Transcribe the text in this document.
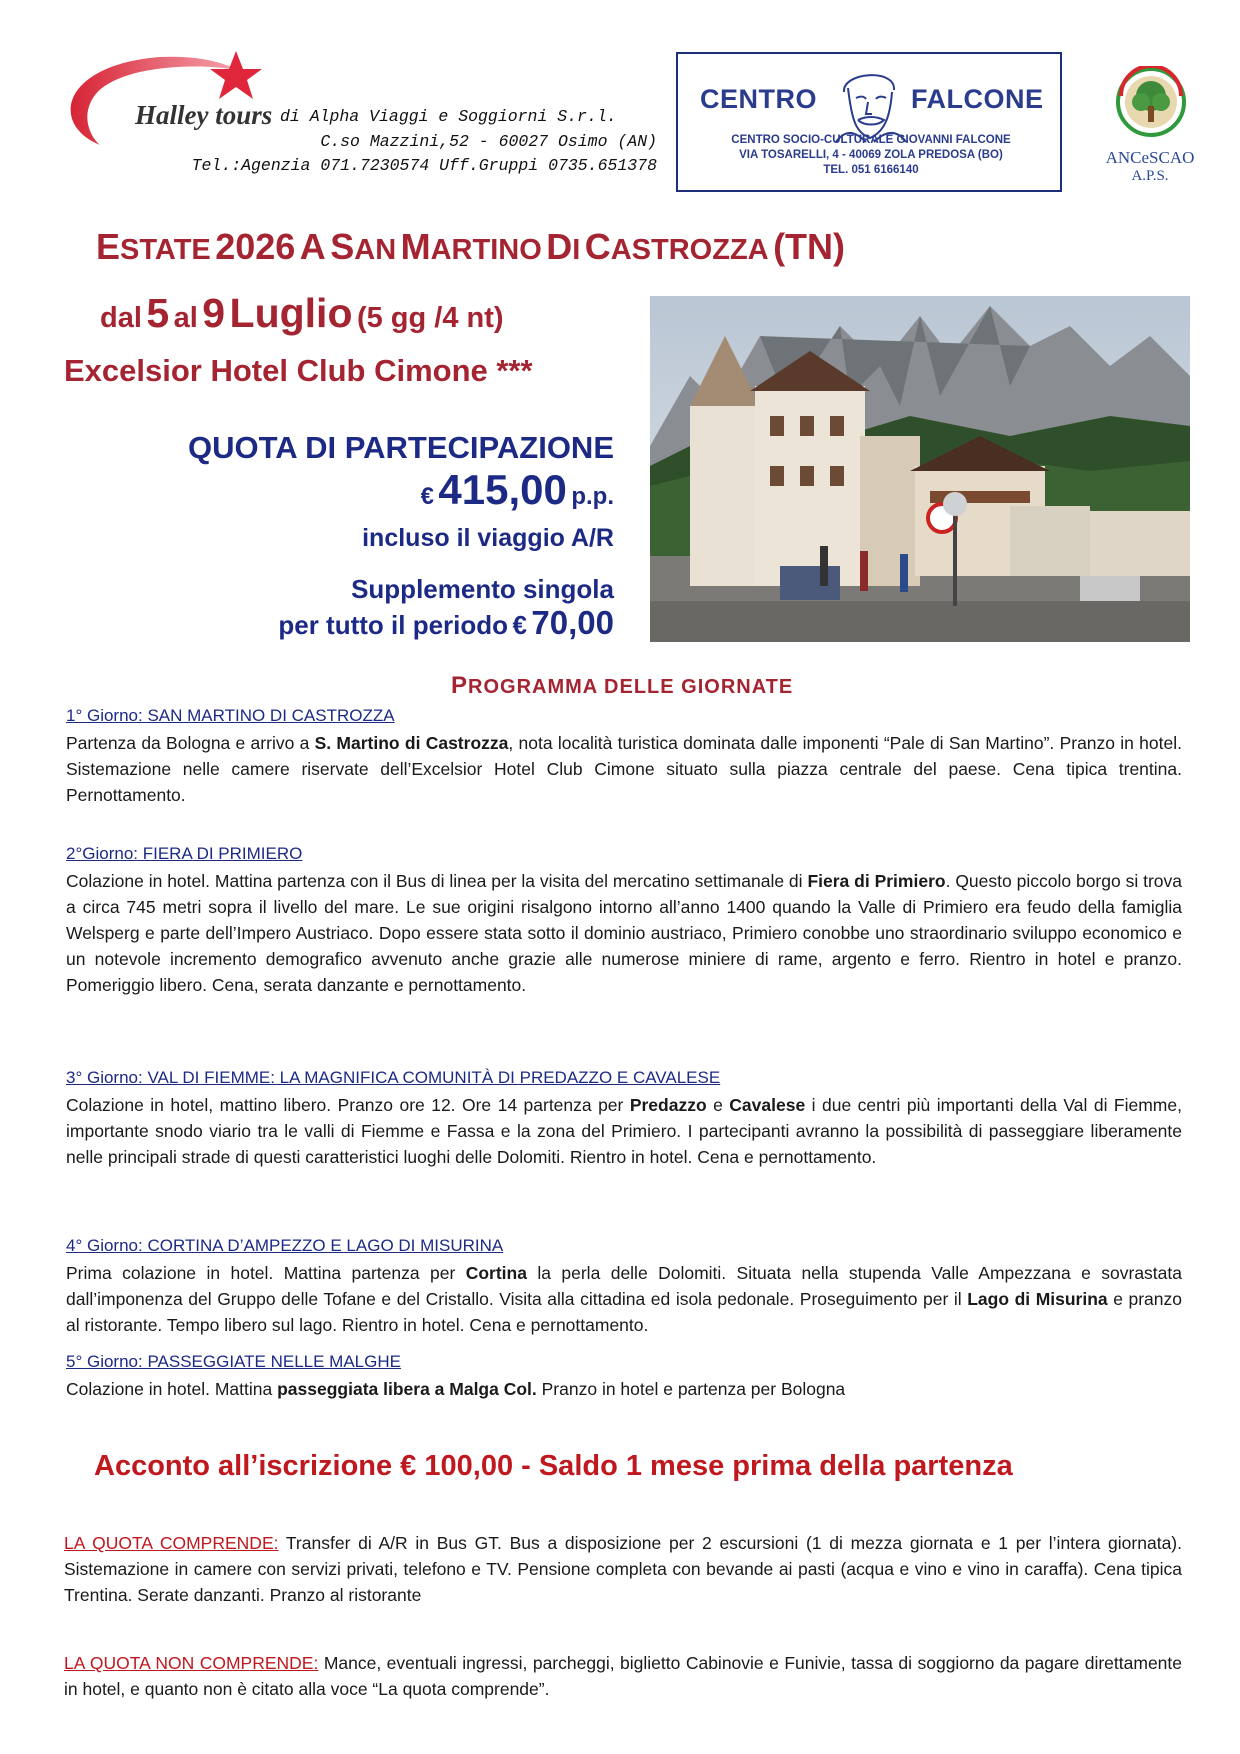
Halley tours di Alpha Viaggi e Soggiorni S.r.l.
C.so Mazzini,52 - 60027 Osimo (AN)
Tel.:Agenzia 071.7230574 Uff.Gruppi 0735.651378
CENTRO	FALCONE
CENTRO SOCIO-CULTURALE GIOVANNI FALCONE
VIA TOSARELLI, 4 - 40069 ZOLA PREDOSA (BO)
TEL. 051 6166140
ANCeSCAO
A.P.S.
ESTATE 2026 A SAN MARTINO DI CASTROZZA (TN)
dal 5 al 9 Luglio (5 gg /4 nt)
Excelsior Hotel Club Cimone ***
QUOTA DI PARTECIPAZIONE
€ 415,00 p.p.
incluso il viaggio A/R
Supplemento singola
per tutto il periodo € 70,00
PROGRAMMA DELLE GIORNATE
1° Giorno: SAN MARTINO DI CASTROZZA
Partenza da Bologna e arrivo a S. Martino di Castrozza, nota località turistica dominata dalle imponenti “Pale di San Martino”. Pranzo in hotel. Sistemazione nelle camere riservate dell’Excelsior Hotel Club Cimone situato sulla piazza centrale del paese. Cena tipica trentina. Pernottamento.
2°Giorno: FIERA DI PRIMIERO
Colazione in hotel. Mattina partenza con il Bus di linea per la visita del mercatino settimanale di Fiera di Primiero. Questo piccolo borgo si trova a circa 745 metri sopra il livello del mare. Le sue origini risalgono intorno all’anno 1400 quando la Valle di Primiero era feudo della famiglia Welsperg e parte dell’Impero Austriaco. Dopo essere stata sotto il dominio austriaco, Primiero conobbe uno straordinario sviluppo economico e un notevole incremento demografico avvenuto anche grazie alle numerose miniere di rame, argento e ferro. Rientro in hotel e pranzo. Pomeriggio libero. Cena, serata danzante e pernottamento.
3° Giorno: VAL DI FIEMME: LA MAGNIFICA COMUNITÀ DI PREDAZZO E CAVALESE
Colazione in hotel, mattino libero. Pranzo ore 12. Ore 14 partenza per Predazzo e Cavalese i due centri più importanti della Val di Fiemme, importante snodo viario tra le valli di Fiemme e Fassa e la zona del Primiero. I partecipanti avranno la possibilità di passeggiare liberamente nelle principali strade di questi caratteristici luoghi delle Dolomiti. Rientro in hotel. Cena e pernottamento.
4° Giorno: CORTINA D’AMPEZZO E LAGO DI MISURINA
Prima colazione in hotel. Mattina partenza per Cortina la perla delle Dolomiti. Situata nella stupenda Valle Ampezzana e sovrastata dall’imponenza del Gruppo delle Tofane e del Cristallo. Visita alla cittadina ed isola pedonale. Proseguimento per il Lago di Misurina e pranzo al ristorante. Tempo libero sul lago. Rientro in hotel. Cena e pernottamento.
5° Giorno: PASSEGGIATE NELLE MALGHE
Colazione in hotel. Mattina passeggiata libera a Malga Col. Pranzo in hotel e partenza per Bologna
Acconto all’iscrizione € 100,00 - Saldo 1 mese prima della partenza
LA QUOTA COMPRENDE: Transfer di A/R in Bus GT. Bus a disposizione per 2 escursioni (1 di mezza giornata e 1 per l’intera giornata). Sistemazione in camere con servizi privati, telefono e TV. Pensione completa con bevande ai pasti (acqua e vino e vino in caraffa). Cena tipica Trentina. Serate danzanti. Pranzo al ristorante
LA QUOTA NON COMPRENDE: Mance, eventuali ingressi, parcheggi, biglietto Cabinovie e Funivie, tassa di soggiorno da pagare direttamente in hotel, e quanto non è citato alla voce “La quota comprende”.
